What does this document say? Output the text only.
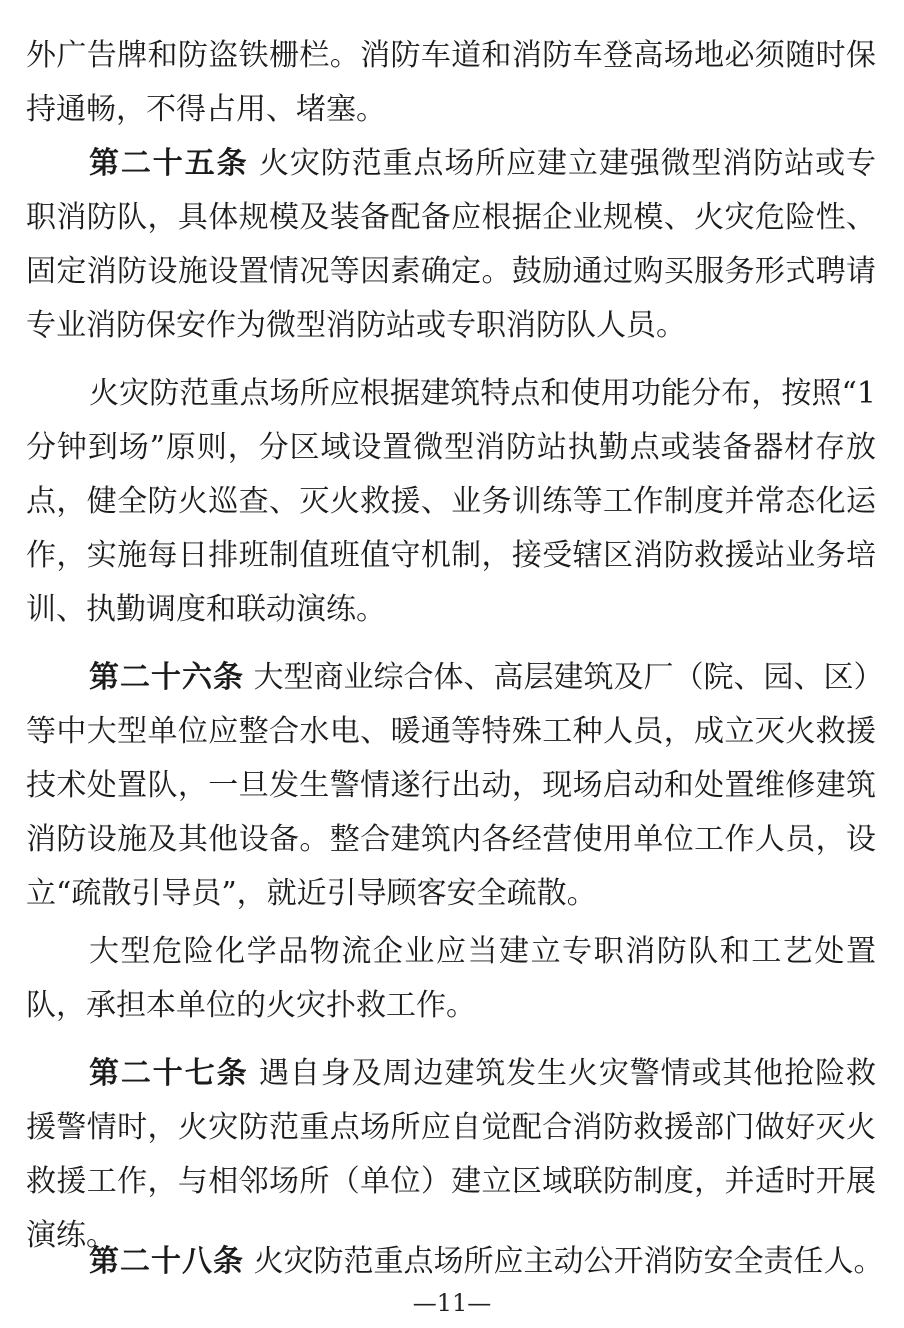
外广告牌和防盗铁栅栏。消防车道和消防车登高场地必须随时保
持通畅，不得占用、堵塞。
第二十五条 火灾防范重点场所应建立建强微型消防站或专
职消防队，具体规模及装备配备应根据企业规模、火灾危险性、
固定消防设施设置情况等因素确定。鼓励通过购买服务形式聘请
专业消防保安作为微型消防站或专职消防队人员。
火灾防范重点场所应根据建筑特点和使用功能分布，按照“1
分钟到场”原则，分区域设置微型消防站执勤点或装备器材存放
点，健全防火巡查、灭火救援、业务训练等工作制度并常态化运
作，实施每日排班制值班值守机制，接受辖区消防救援站业务培
训、执勤调度和联动演练。
第二十六条 大型商业综合体、高层建筑及厂（院、园、区）
等中大型单位应整合水电、暖通等特殊工种人员，成立灭火救援
技术处置队，一旦发生警情遂行出动，现场启动和处置维修建筑
消防设施及其他设备。整合建筑内各经营使用单位工作人员，设
立“疏散引导员”，就近引导顾客安全疏散。
大型危险化学品物流企业应当建立专职消防队和工艺处置
队，承担本单位的火灾扑救工作。
第二十七条 遇自身及周边建筑发生火灾警情或其他抢险救
援警情时，火灾防范重点场所应自觉配合消防救援部门做好灭火
救援工作，与相邻场所（单位）建立区域联防制度，并适时开展
演练。
—11—
第二十八条 火灾防范重点场所应主动公开消防安全责任人。
